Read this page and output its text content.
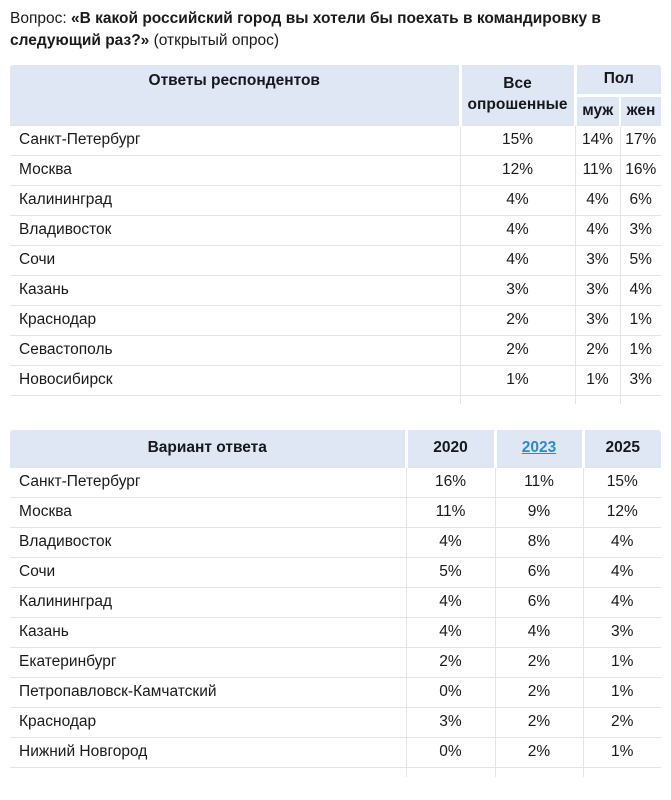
Вопрос: «В какой российский город вы хотели бы поехать в командировку в следующий раз?» (открытый опрос)

Ответы респондентов	Все опрошенные	Пол	
		муж	жен
Санкт-Петербург	15%	14%	17%
Москва	12%	11%	16%
Калининград	4%	4%	6%
Владивосток	4%	4%	3%
Сочи	4%	3%	5%
Казань	3%	3%	4%
Краснодар	2%	3%	1%
Севастополь	2%	2%	1%
Новосибирск	1%	1%	3%

Вариант ответа	2020	2023	2025
Санкт-Петербург	16%	11%	15%
Москва	11%	9%	12%
Владивосток	4%	8%	4%
Сочи	5%	6%	4%
Калининград	4%	6%	4%
Казань	4%	4%	3%
Екатеринбург	2%	2%	1%
Петропавловск-Камчатский	0%	2%	1%
Краснодар	3%	2%	2%
Нижний Новгород	0%	2%	1%
